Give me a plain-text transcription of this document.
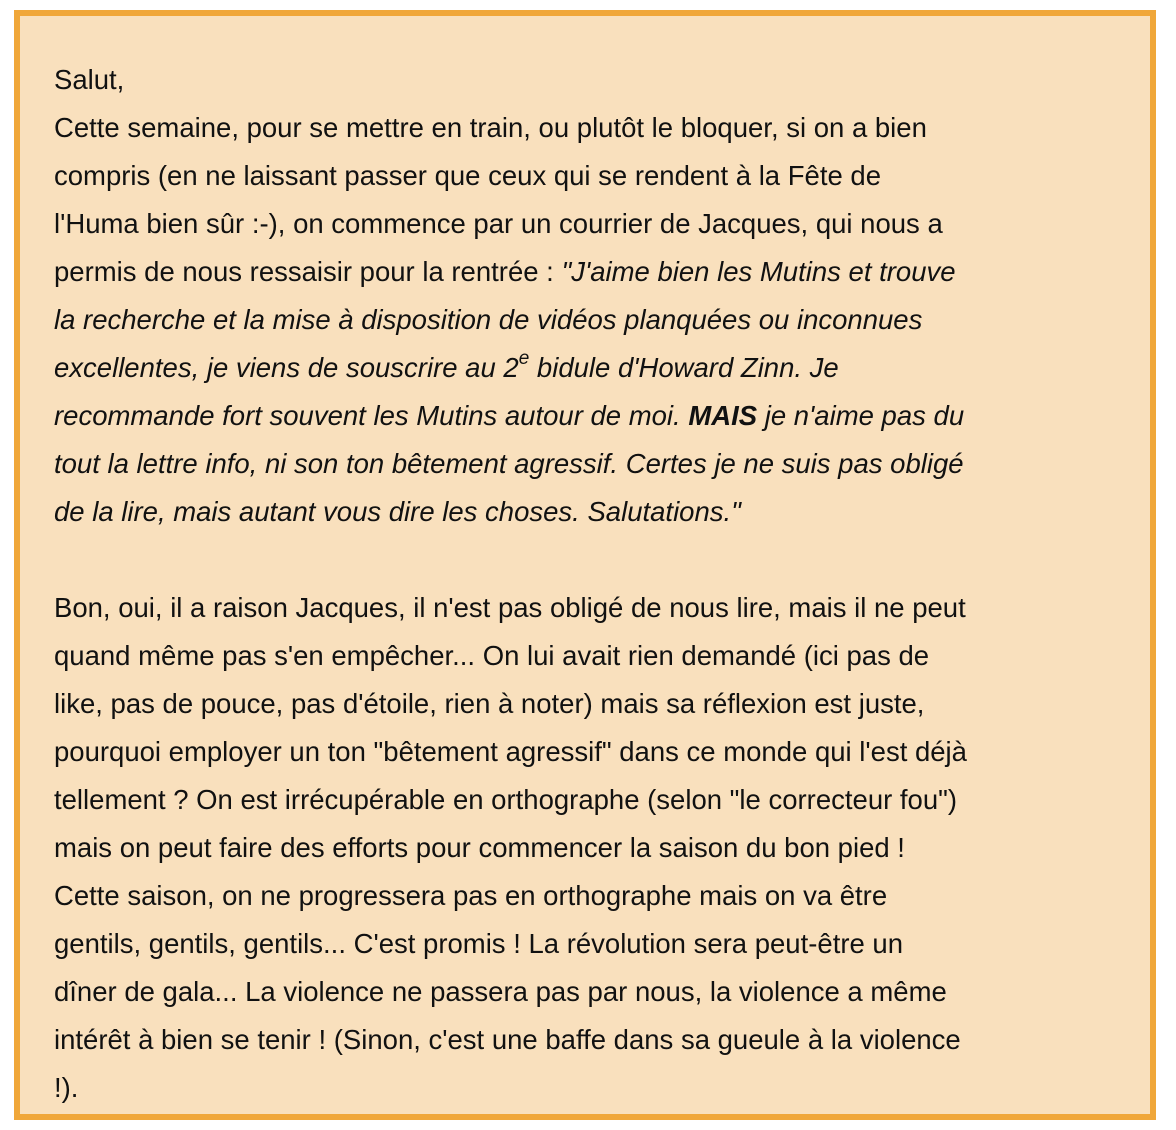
Salut,
Cette semaine, pour se mettre en train, ou plutôt le bloquer, si on a bien
compris (en ne laissant passer que ceux qui se rendent à la Fête de
l'Huma bien sûr :-), on commence par un courrier de Jacques, qui nous a
permis de nous ressaisir pour la rentrée : "J'aime bien les Mutins et trouve
la recherche et la mise à disposition de vidéos planquées ou inconnues
excellentes, je viens de souscrire au 2e bidule d'Howard Zinn. Je
recommande fort souvent les Mutins autour de moi. MAIS je n'aime pas du
tout la lettre info, ni son ton bêtement agressif. Certes je ne suis pas obligé
de la lire, mais autant vous dire les choses. Salutations."
Bon, oui, il a raison Jacques, il n'est pas obligé de nous lire, mais il ne peut
quand même pas s'en empêcher... On lui avait rien demandé (ici pas de
like, pas de pouce, pas d'étoile, rien à noter) mais sa réflexion est juste,
pourquoi employer un ton "bêtement agressif" dans ce monde qui l'est déjà
tellement ? On est irrécupérable en orthographe (selon "le correcteur fou")
mais on peut faire des efforts pour commencer la saison du bon pied !
Cette saison, on ne progressera pas en orthographe mais on va être
gentils, gentils, gentils... C'est promis ! La révolution sera peut-être un
dîner de gala... La violence ne passera pas par nous, la violence a même
intérêt à bien se tenir ! (Sinon, c'est une baffe dans sa gueule à la violence
!).
